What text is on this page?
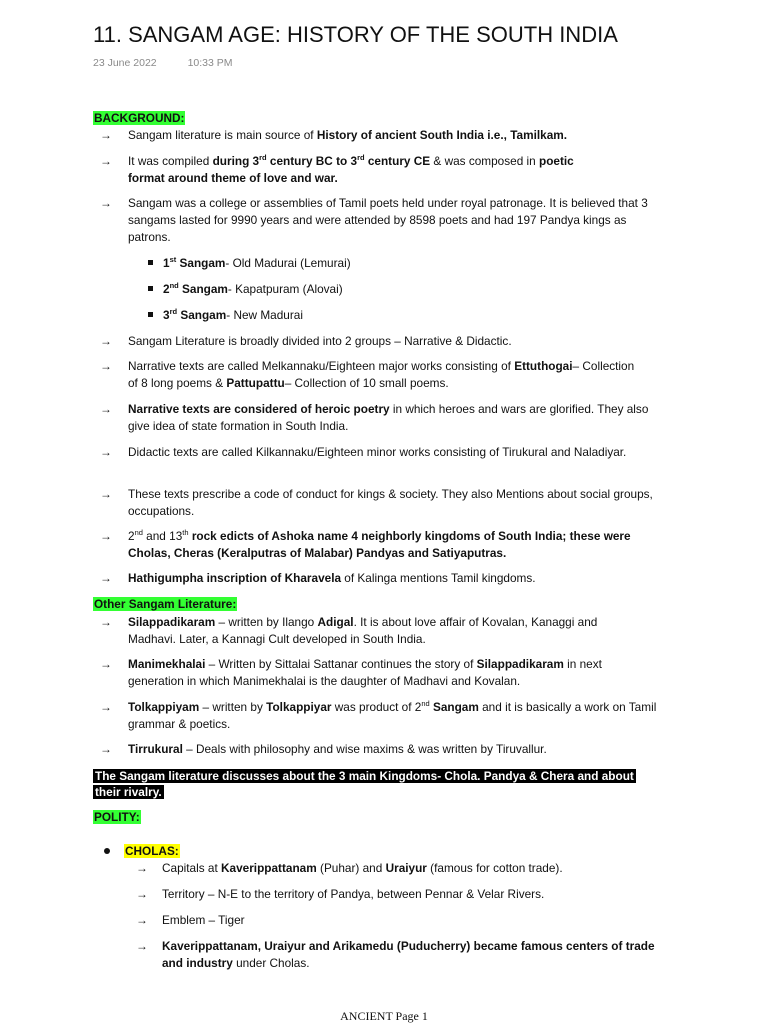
11. SANGAM AGE: HISTORY OF THE SOUTH INDIA
23 June 2022	10:33 PM
BACKGROUND:
→	Sangam literature is main source of History of ancient South India i.e., Tamilkam.
→	It was compiled during 3rd century BC to 3rd century CE & was composed in poetic format around theme of love and war.
→	Sangam was a college or assemblies of Tamil poets held under royal patronage. It is believed that 3 sangams lasted for 9990 years and were attended by 8598 poets and had 197 Pandya kings as patrons.
1st Sangam- Old Madurai (Lemurai)
2nd Sangam- Kapatpuram (Alovai)
3rd Sangam- New Madurai
→	Sangam Literature is broadly divided into 2 groups – Narrative & Didactic.
→	Narrative texts are called Melkannaku/Eighteen major works consisting of Ettuthogai– Collection of 8 long poems & Pattupattu– Collection of 10 small poems.
→	Narrative texts are considered of heroic poetry in which heroes and wars are glorified. They also give idea of state formation in South India.
→	Didactic texts are called Kilkannaku/Eighteen minor works consisting of Tirukural and Naladiyar.
→	These texts prescribe a code of conduct for kings & society. They also Mentions about social groups, occupations.
→	2nd and 13th rock edicts of Ashoka name 4 neighborly kingdoms of South India; these were Cholas, Cheras (Keralputras of Malabar) Pandyas and Satiyaputras.
→	Hathigumpha inscription of Kharavela of Kalinga mentions Tamil kingdoms.
Other Sangam Literature:
→	Silappadikaram – written by Ilango Adigal. It is about love affair of Kovalan, Kanaggi and Madhavi. Later, a Kannagi Cult developed in South India.
→	Manimekhalai – Written by Sittalai Sattanar continues the story of Silappadikaram in next generation in which Manimekhalai is the daughter of Madhavi and Kovalan.
→	Tolkappiyam – written by Tolkappiyar was product of 2nd Sangam and it is basically a work on Tamil grammar & poetics.
→	Tirrukural – Deals with philosophy and wise maxims & was written by Tiruvallur.
The Sangam literature discusses about the 3 main Kingdoms- Chola. Pandya & Chera and about their rivalry.
POLITY:
CHOLAS:
→ Capitals at Kaverippattanam (Puhar) and Uraiyur (famous for cotton trade).
→ Territory – N-E to the territory of Pandya, between Pennar & Velar Rivers.
→ Emblem – Tiger
→ Kaverippattanam, Uraiyur and Arikamedu (Puducherry) became famous centers of trade and industry under Cholas.
ANCIENT Page 1
